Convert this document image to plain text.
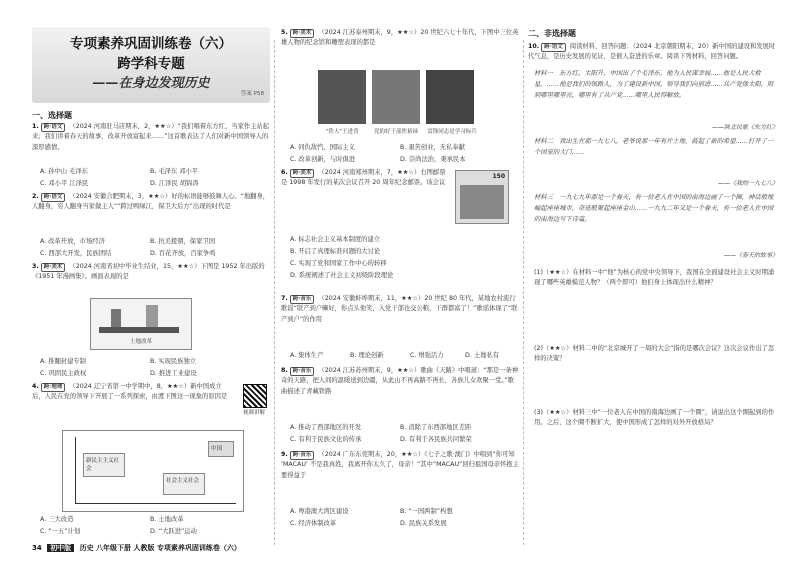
专项素养巩固训练卷（六）
跨学科专题
——在身边发现历史
答案 P58
一、选择题
1. 跨·语文 （2024 河南驻马店期末，2，★★☆）“我们唱着东方红，当家作主站起来；我们讲着春天的故事，改革开放富起来……”这首歌表达了人们对新中国领导人的深厚感情。
A. 孙中山 毛泽东	B. 毛泽东 邓小平
C. 邓小平 江泽民	D. 江泽民 胡锦涛
2. 跨·语文 （2024 安徽合肥期末，3，★★☆）好的标语能够鼓舞人心。“地翻身，人翻身，穷人翻身当家做主人”“跨过鸭绿江，保卫大后方”出现的时代是
A. 改革开放，市场经济	B. 抗美援朝，保家卫国
C. 西部大开发，民族团结	D. 百花齐放，百家争鸣
3. 跨·美术 （2024 河南省初中毕业生结业，15，★★☆）下图是 1952 年出版的《1951 年漫画集》。画面表现的是
土地改革
A. 推翻封建专制	B. 实现民族独立
C. 巩固民主政权	D. 推进工业建设
4. 跨·地理 （2024 辽宁省第一中学期中，8，★★☆）新中国成立后，人民在党的领导下开展了一系列探索，由渡下图这一现象的原因是
视频讲解
新民主主义社会
社会主义社会
中国
A. 三大改造	B. 土地改革
C. “一五”计划	D. “大跃进”运动
5. 跨·美术 （2024 江苏泰州期末，9，★★☆）20 世纪六七十年代，下图中三位英雄人物的纪念馆和雕塑表现的都是
“铁人”王进喜	党的好干部焦裕禄	雷锋同志是学习标兵
A. 同仇敌忾，国际主义	B. 艰苦创业，无私奉献
C. 改革创新，与时俱进	D. 崇尚法治，秉承民本
6. 跨·美术 （2024 河南郑州期末，7，★★☆）右图邮票是 1998 年发行的某次会议召开 20 周年纪念邮票。该会议
150
A. 标志社会主义基本制度的建立
B. 开启了真理标准问题的大讨论
C. 实现了党和国家工作中心的转移
D. 系统阐述了社会主义初级阶段理论
7. 跨·音乐 （2024 安徽蚌埠期末，11，★★☆）20 世纪 80 年代，某地农村流行歌谣“联产到户嘛好，你点头他笑，入党干部也交公粮，干群都富了！”歌谣体现了“联产到户”的作用
A. 集体生产	B. 理论创新	C. 增强活力	D. 土地私有
8. 跨·音乐 （2024 江苏苏州期末，9，★★☆）歌曲《天路》中唱道：“那是一条神奇的天路，把人间的温暖送到边疆，从此山不再高路不再长，各族儿女欢聚一堂。”歌曲描述了青藏铁路
A. 推动了西部地区的开发	B. 消除了东西部地区差距
C. 有利于民族文化的传承	D. 有利于各民族共同繁荣
9. 跨·音乐 （2024 广东东莞期末，20，★★☆）《七子之歌·澳门》中唱到“你可知 ‘MACAU’ 不是我真姓，我离开你太久了，母亲！”其中“MACAU”回归祖国母亲怀抱主要得益于
A. 粤港澳大湾区建设	B. “一国两制”构想
C. 经济体制改革	D. 民族关系发展
二、非选择题
10. 跨·语文 阅读材料，回答问题：（2024 北京朝阳期末，20）新中国的建设和发展时代气息，是历史发展的见证，是催人奋进的乐章。阅读下列材料，回答问题。
材料一　东方红，太阳升，中国出了个毛泽东，他为人民谋幸福……他是人民大救星。……他是我们的领路人，为了建设新中国，领导我们向前进……共产党像太阳，照到哪里哪里亮，哪里有了共产党……哪里人民得解放。
——陕北民歌《东方红》
材料二　我出生在那一九七八，老爷说那一年有片土地，鼓起了新的希望……打开了一个国家的大门……
——《我的一九七八》
材料三　一九七九年那是一个春天，有一位老人在中国的南海边画了一个圈，神话般地崛起座座城市，奇迹般聚起座座金山……一九九二年又是一个春天，有一位老人在中国的南海边写下诗篇。
——《春天的故事》
(1)（★★☆）在材料一中“他”为核心的党中央领导下，我国在全面建设社会主义时期涌现了哪些英雄模范人物？（两个即可）他们身上体现出什么精神？
(2)（★★☆）材料二中的“北京城开了一周的大会”指的是哪次会议？这次会议作出了怎样的决策？
(3)（★★☆）材料三中“一位老人在中国的南海边画了一个圈”，请说出这个圈起到的作用。之后，这个圈不断扩大，使中国形成了怎样的对外开放格局？
34 初中版 历史 八年级下册 人教版 专项素养巩固训练卷（六）
